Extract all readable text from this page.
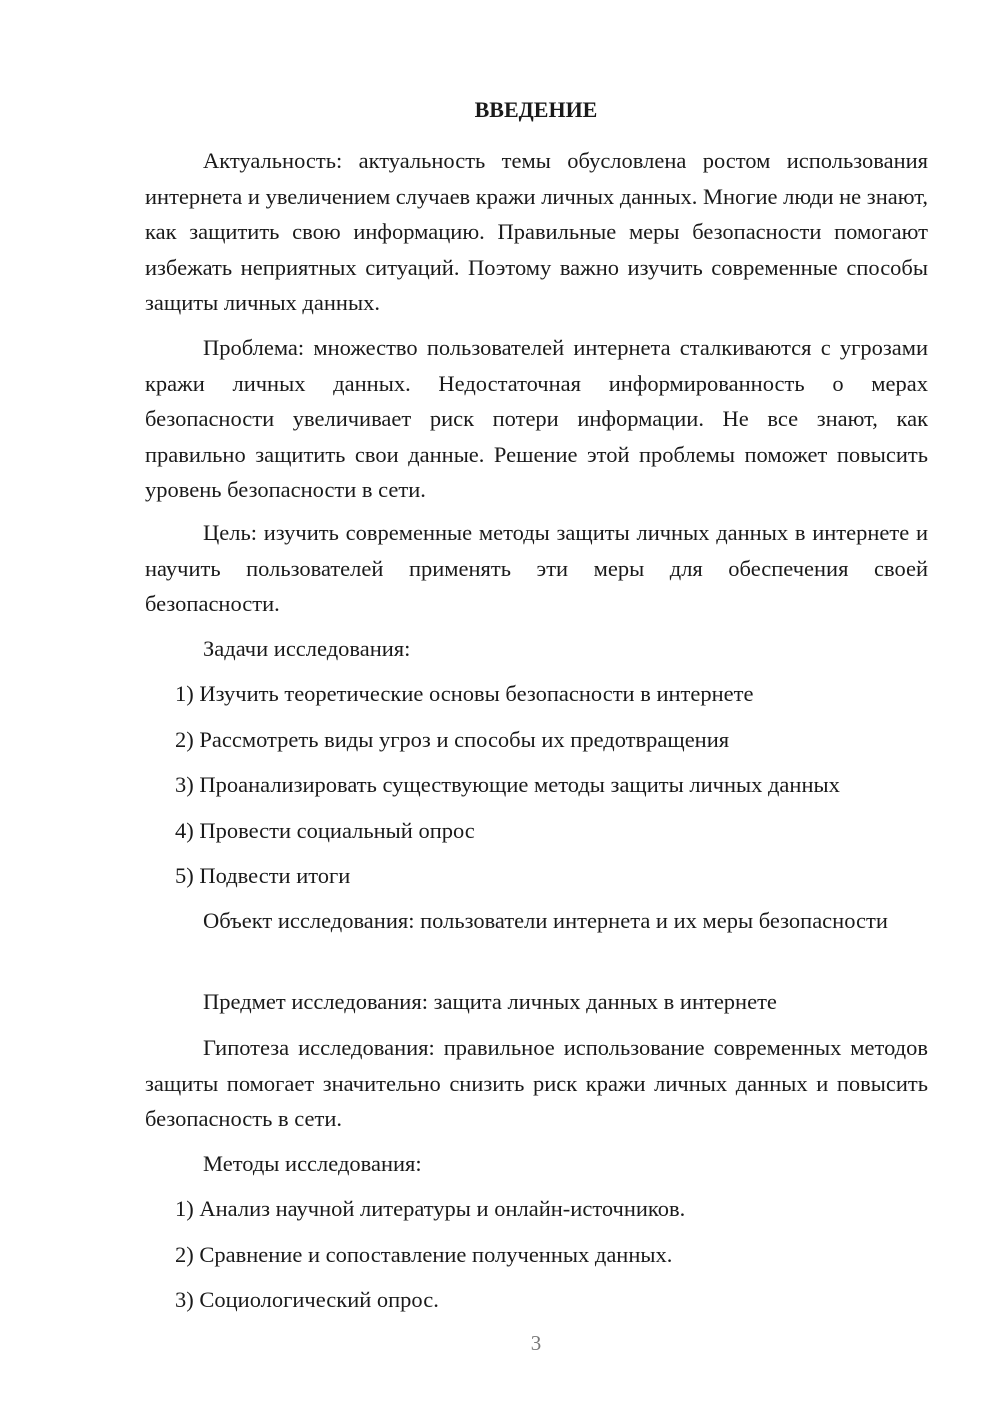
ВВЕДЕНИЕ

Актуальность: актуальность темы обусловлена ростом использования интернета и увеличением случаев кражи личных данных. Многие люди не знают, как защитить свою информацию. Правильные меры безопасности помогают избежать неприятных ситуаций. Поэтому важно изучить современные способы защиты личных данных.

Проблема: множество пользователей интернета сталкиваются с угрозами кражи личных данных. Недостаточная информированность о мерах безопасности увеличивает риск потери информации. Не все знают, как правильно защитить свои данные. Решение этой проблемы поможет повысить уровень безопасности в сети.

Цель: изучить современные методы защиты личных данных в интернете и научить пользователей применять эти меры для обеспечения своей безопасности.

Задачи исследования:

1) Изучить теоретические основы безопасности в интернете
2) Рассмотреть виды угроз и способы их предотвращения
3) Проанализировать существующие методы защиты личных данных
4) Провести социальный опрос
5) Подвести итоги

Объект исследования: пользователи интернета и их меры безопасности

Предмет исследования: защита личных данных в интернете

Гипотеза исследования: правильное использование современных методов защиты помогает значительно снизить риск кражи личных данных и повысить безопасность в сети.

Методы исследования:

1) Анализ научной литературы и онлайн-источников.
2) Сравнение и сопоставление полученных данных.
3) Социологический опрос.
3
